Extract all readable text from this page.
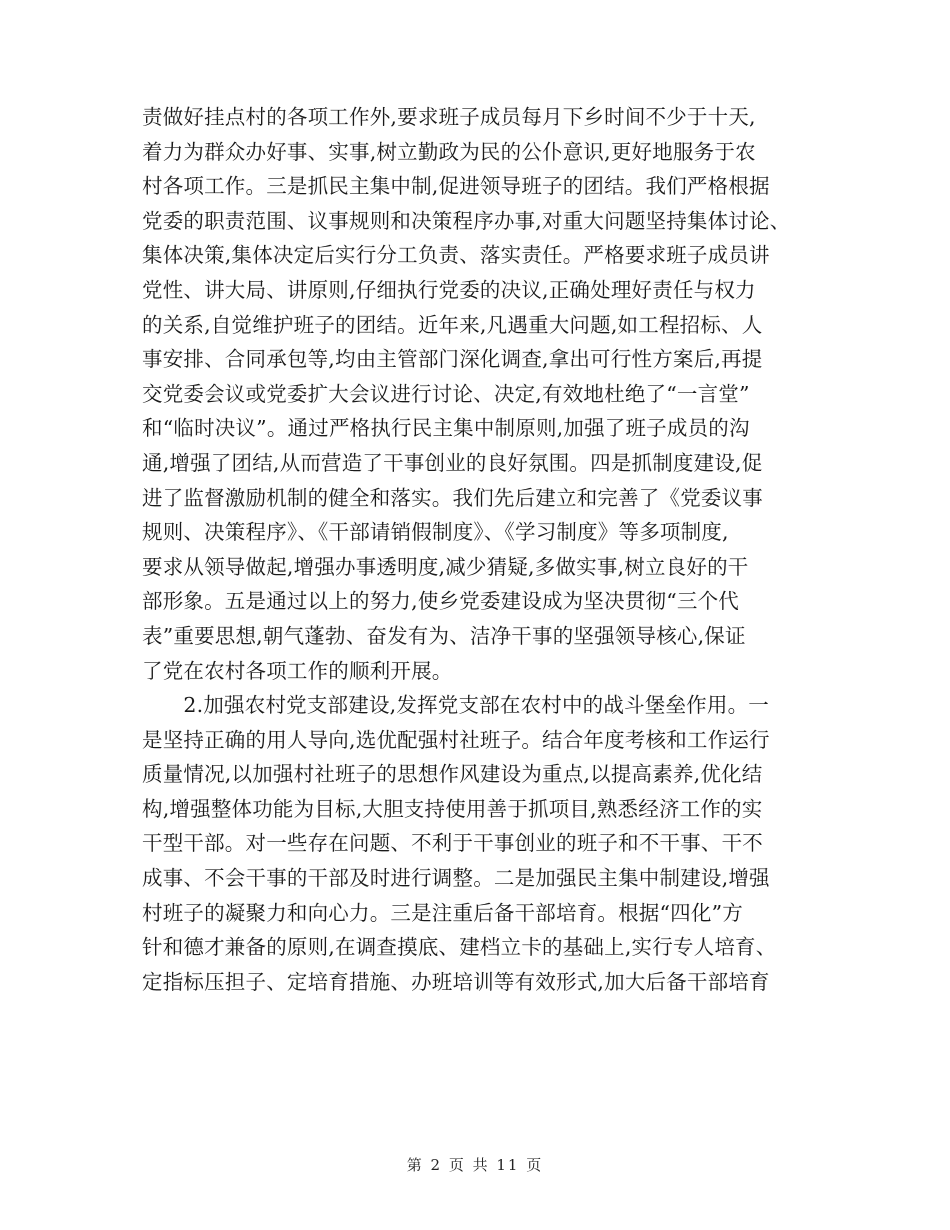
责做好挂点村的各项工作外,要求班子成员每月下乡时间不少于十天,
着力为群众办好事、实事,树立勤政为民的公仆意识,更好地服务于农
村各项工作。三是抓民主集中制,促进领导班子的团结。我们严格根据
党委的职责范围、议事规则和决策程序办事,对重大问题坚持集体讨论、
集体决策,集体决定后实行分工负责、落实责任。严格要求班子成员讲
党性、讲大局、讲原则,仔细执行党委的决议,正确处理好责任与权力
的关系,自觉维护班子的团结。近年来,凡遇重大问题,如工程招标、人
事安排、合同承包等,均由主管部门深化调查,拿出可行性方案后,再提
交党委会议或党委扩大会议进行讨论、决定,有效地杜绝了“一言堂”
和“临时决议”。通过严格执行民主集中制原则,加强了班子成员的沟
通,增强了团结,从而营造了干事创业的良好氛围。四是抓制度建设,促
进了监督激励机制的健全和落实。我们先后建立和完善了《党委议事
规则、决策程序》、《干部请销假制度》、《学习制度》等多项制度,
要求从领导做起,增强办事透明度,减少猜疑,多做实事,树立良好的干
部形象。五是通过以上的努力,使乡党委建设成为坚决贯彻“三个代
表”重要思想,朝气蓬勃、奋发有为、洁净干事的坚强领导核心,保证
了党在农村各项工作的顺利开展。
　　2.加强农村党支部建设,发挥党支部在农村中的战斗堡垒作用。一
是坚持正确的用人导向,选优配强村社班子。结合年度考核和工作运行
质量情况,以加强村社班子的思想作风建设为重点,以提高素养,优化结
构,增强整体功能为目标,大胆支持使用善于抓项目,熟悉经济工作的实
干型干部。对一些存在问题、不利于干事创业的班子和不干事、干不
成事、不会干事的干部及时进行调整。二是加强民主集中制建设,增强
村班子的凝聚力和向心力。三是注重后备干部培育。根据“四化”方
针和德才兼备的原则,在调查摸底、建档立卡的基础上,实行专人培育、
定指标压担子、定培育措施、办班培训等有效形式,加大后备干部培育
第 2 页 共 11 页
